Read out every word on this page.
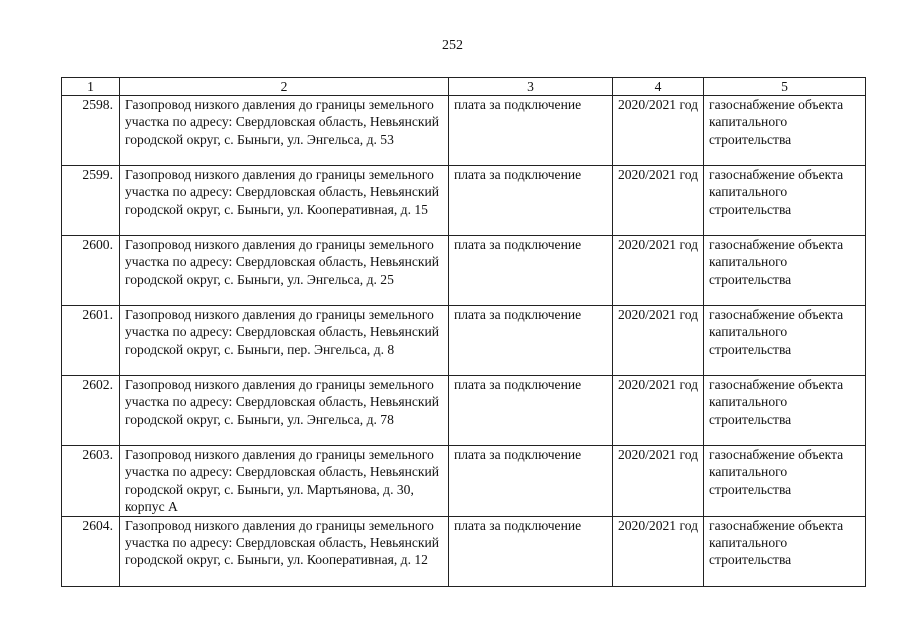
252
1	2	3	4	5
2598.	Газопровод низкого давления до границы земельного участка по адресу: Свердловская область, Невьянский городской округ, с. Быньги, ул. Энгельса, д. 53	плата за подключение	2020/2021 год	газоснабжение объекта капитального строительства
2599.	Газопровод низкого давления до границы земельного участка по адресу: Свердловская область, Невьянский городской округ, с. Быньги, ул. Кооперативная, д. 15	плата за подключение	2020/2021 год	газоснабжение объекта капитального строительства
2600.	Газопровод низкого давления до границы земельного участка по адресу: Свердловская область, Невьянский городской округ, с. Быньги, ул. Энгельса, д. 25	плата за подключение	2020/2021 год	газоснабжение объекта капитального строительства
2601.	Газопровод низкого давления до границы земельного участка по адресу: Свердловская область, Невьянский городской округ, с. Быньги, пер. Энгельса, д. 8	плата за подключение	2020/2021 год	газоснабжение объекта капитального строительства
2602.	Газопровод низкого давления до границы земельного участка по адресу: Свердловская область, Невьянский городской округ, с. Быньги, ул. Энгельса, д. 78	плата за подключение	2020/2021 год	газоснабжение объекта капитального строительства
2603.	Газопровод низкого давления до границы земельного участка по адресу: Свердловская область, Невьянский городской округ, с. Быньги, ул. Мартьянова, д. 30, корпус А	плата за подключение	2020/2021 год	газоснабжение объекта капитального строительства
2604.	Газопровод низкого давления до границы земельного участка по адресу: Свердловская область, Невьянский городской округ, с. Быньги, ул. Кооперативная, д. 12	плата за подключение	2020/2021 год	газоснабжение объекта капитального строительства
